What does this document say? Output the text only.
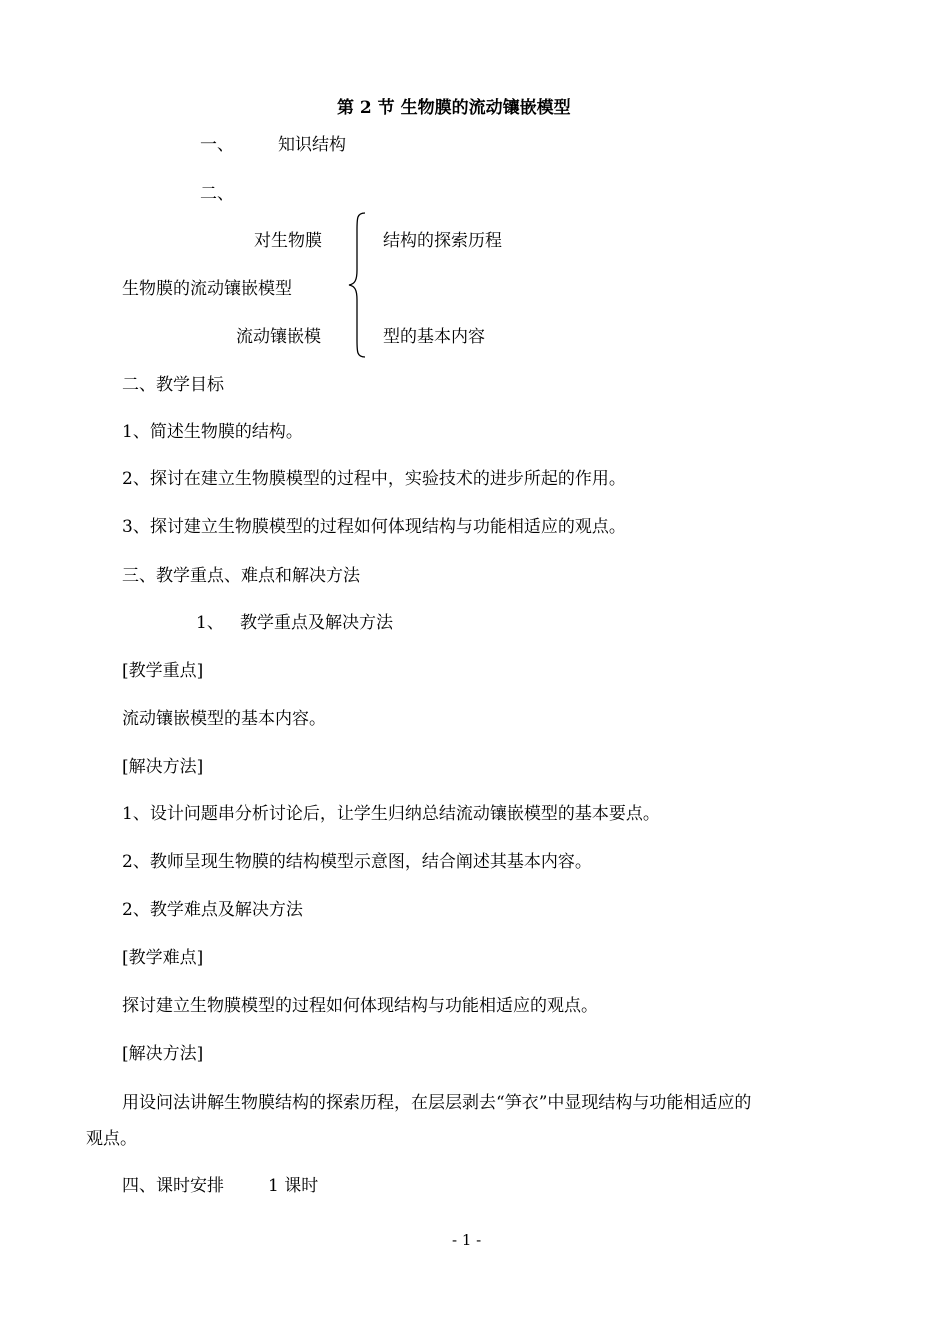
第 2 节 生物膜的流动镶嵌模型
一、	知识结构
二、
对生物膜
生物膜的流动镶嵌模型
流动镶嵌模
结构的探索历程
型的基本内容
二、教学目标
1、简述生物膜的结构。
2、探讨在建立生物膜模型的过程中，实验技术的进步所起的作用。
3、探讨建立生物膜模型的过程如何体现结构与功能相适应的观点。
三、教学重点、难点和解决方法
1、 教学重点及解决方法
[教学重点]
流动镶嵌模型的基本内容。
[解决方法]
1、设计问题串分析讨论后，让学生归纳总结流动镶嵌模型的基本要点。
2、教师呈现生物膜的结构模型示意图，结合阐述其基本内容。
2、教学难点及解决方法
[教学难点]
探讨建立生物膜模型的过程如何体现结构与功能相适应的观点。
[解决方法]
用设问法讲解生物膜结构的探索历程，在层层剥去“笋衣”中显现结构与功能相适应的
观点。
四、课时安排	1 课时
- 1 -
